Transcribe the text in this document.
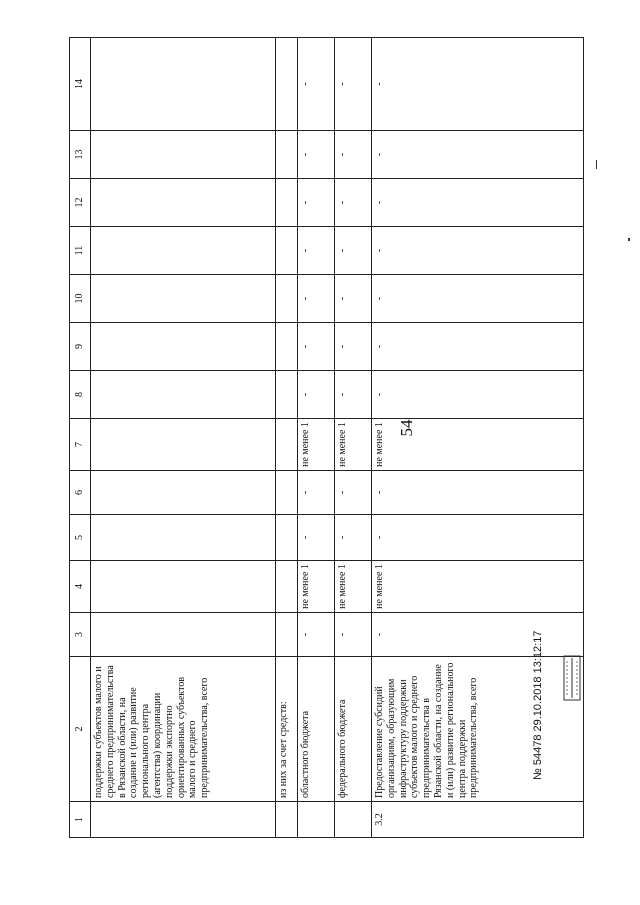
54
1	2	3	4	5	6	7	8	9	10	11	12	13	14
	поддержки субъектов малого и среднего предпринимательства в Рязанской области, на создание и (или) развитие регионального центра (агентства) координации поддержки экспортно ориентированных субъектов малого и среднего предпринимательства, всего												
	из них за счет средств:												
	областного бюджета	-	не менее 1	-	-	не менее 1	-	-	-	-	-	-	-
	федерального бюджета	-	не менее 1	-	-	не менее 1	-	-	-	-	-	-	-
3.2	Предоставление субсидий организациям, образующим инфраструктуру поддержки субъектов малого и среднего предпринимательства в Рязанской области, на создание и (или) развитие регионального центра поддержки предпринимательства, всего	-	не менее 1	-	-	не менее 1	-	-	-	-	-	-	-
№ 54478 29.10.2018 13:12:17
